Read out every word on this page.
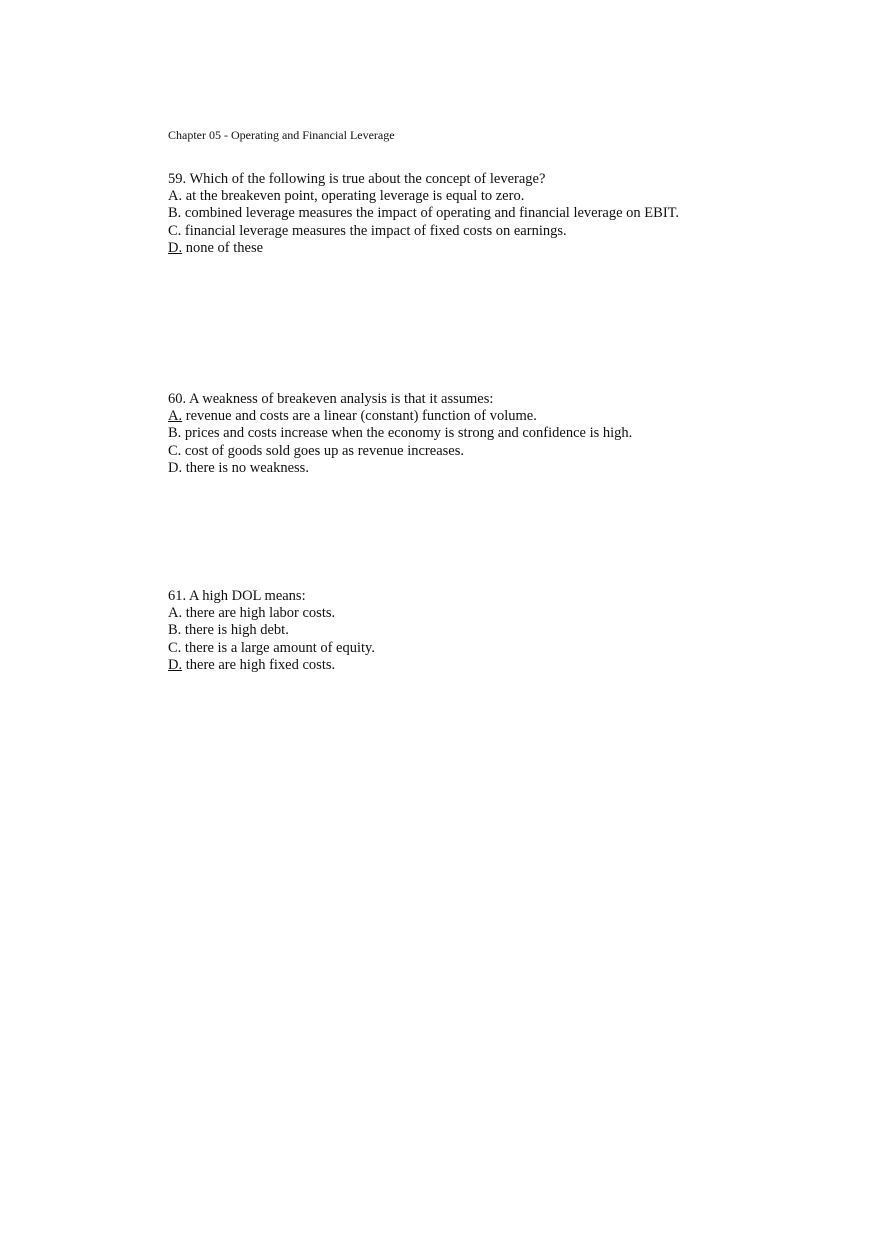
Chapter 05 - Operating and Financial Leverage
59. Which of the following is true about the concept of leverage?
A. at the breakeven point, operating leverage is equal to zero.
B. combined leverage measures the impact of operating and financial leverage on EBIT.
C. financial leverage measures the impact of fixed costs on earnings.
D. none of these
60. A weakness of breakeven analysis is that it assumes:
A. revenue and costs are a linear (constant) function of volume.
B. prices and costs increase when the economy is strong and confidence is high.
C. cost of goods sold goes up as revenue increases.
D. there is no weakness.
61. A high DOL means:
A. there are high labor costs.
B. there is high debt.
C. there is a large amount of equity.
D. there are high fixed costs.
